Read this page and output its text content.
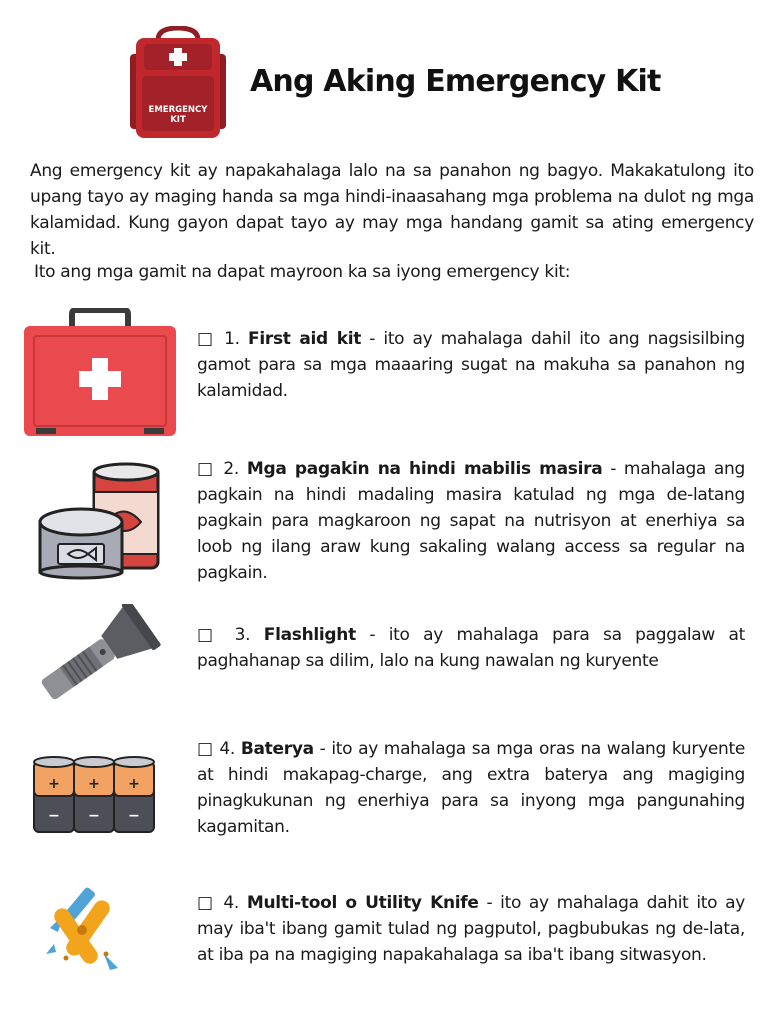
EMERGENCY
KIT
Ang Aking Emergency Kit

Ang emergency kit ay napakahalaga lalo na sa panahon ng bagyo. Makakatulong ito upang tayo ay maging handa sa mga hindi-inaasahang mga problema na dulot ng mga kalamidad. Kung gayon dapat tayo ay may mga handang gamit sa ating emergency kit.

Ito ang mga gamit na dapat mayroon ka sa iyong emergency kit:

□ 1. First aid kit - ito ay mahalaga dahil ito ang nagsisilbing gamot para sa mga maaaring sugat na makuha sa panahon ng kalamidad.

□ 2. Mga pagakin na hindi mabilis masira - mahalaga ang pagkain na hindi madaling masira katulad ng mga de-latang pagkain para magkaroon ng sapat na nutrisyon at enerhiya sa loob ng ilang araw kung sakaling walang access sa regular na pagkain.

□ 3. Flashlight - ito ay mahalaga para sa paggalaw at paghahanap sa dilim, lalo na kung nawalan ng kuryente

+
−
+
−
+
−

□ 4. Baterya - ito ay mahalaga sa mga oras na walang kuryente at hindi makapag-charge, ang extra baterya ang magiging pinagkukunan ng enerhiya para sa inyong mga pangunahing kagamitan.

□ 4. Multi-tool o Utility Knife - ito ay mahalaga dahit ito ay may iba't ibang gamit tulad ng pagputol, pagbubukas ng de-lata, at iba pa na magiging napakahalaga sa iba't ibang sitwasyon.
